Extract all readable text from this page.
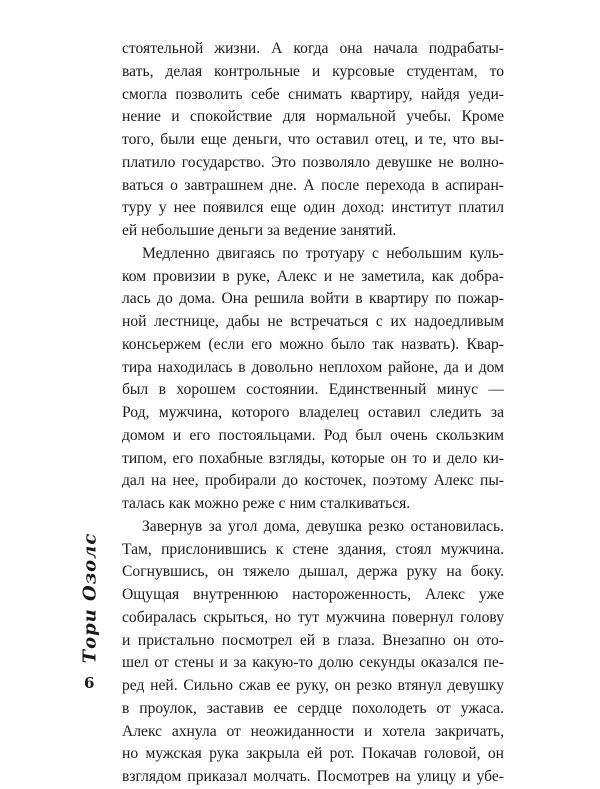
стоятельной жизни. А когда она начала подрабаты-
вать, делая контрольные и курсовые студентам, то
смогла позволить себе снимать квартиру, найдя уеди-
нение и спокойствие для нормальной учебы. Кроме
того, были еще деньги, что оставил отец, и те, что вы-
платило государство. Это позволяло девушке не волно-
ваться о завтрашнем дне. А после перехода в аспиран-
туру у нее появился еще один доход: институт платил
ей небольшие деньги за ведение занятий.
Медленно двигаясь по тротуару с небольшим куль-
ком провизии в руке, Алекс и не заметила, как добра-
лась до дома. Она решила войти в квартиру по пожар-
ной лестнице, дабы не встречаться с их надоедливым
консьержем (если его можно было так назвать). Квар-
тира находилась в довольно неплохом районе, да и дом
был в хорошем состоянии. Единственный минус —
Род, мужчина, которого владелец оставил следить за
домом и его постояльцами. Род был очень скользким
типом, его похабные взгляды, которые он то и дело ки-
дал на нее, пробирали до косточек, поэтому Алекс пы-
талась как можно реже с ним сталкиваться.
Завернув за угол дома, девушка резко остановилась.
Там, прислонившись к стене здания, стоял мужчина.
Согнувшись, он тяжело дышал, держа руку на боку.
Ощущая внутреннюю настороженность, Алекс уже
собиралась скрыться, но тут мужчина повернул голову
и пристально посмотрел ей в глаза. Внезапно он ото-
шел от стены и за какую-то долю секунды оказался пе-
ред ней. Сильно сжав ее руку, он резко втянул девушку
в проулок, заставив ее сердце похолодеть от ужаса.
Алекс ахнула от неожиданности и хотела закричать,
но мужская рука закрыла ей рот. Покачав головой, он
взглядом приказал молчать. Посмотрев на улицу и убе-
Тори Озолс
6
